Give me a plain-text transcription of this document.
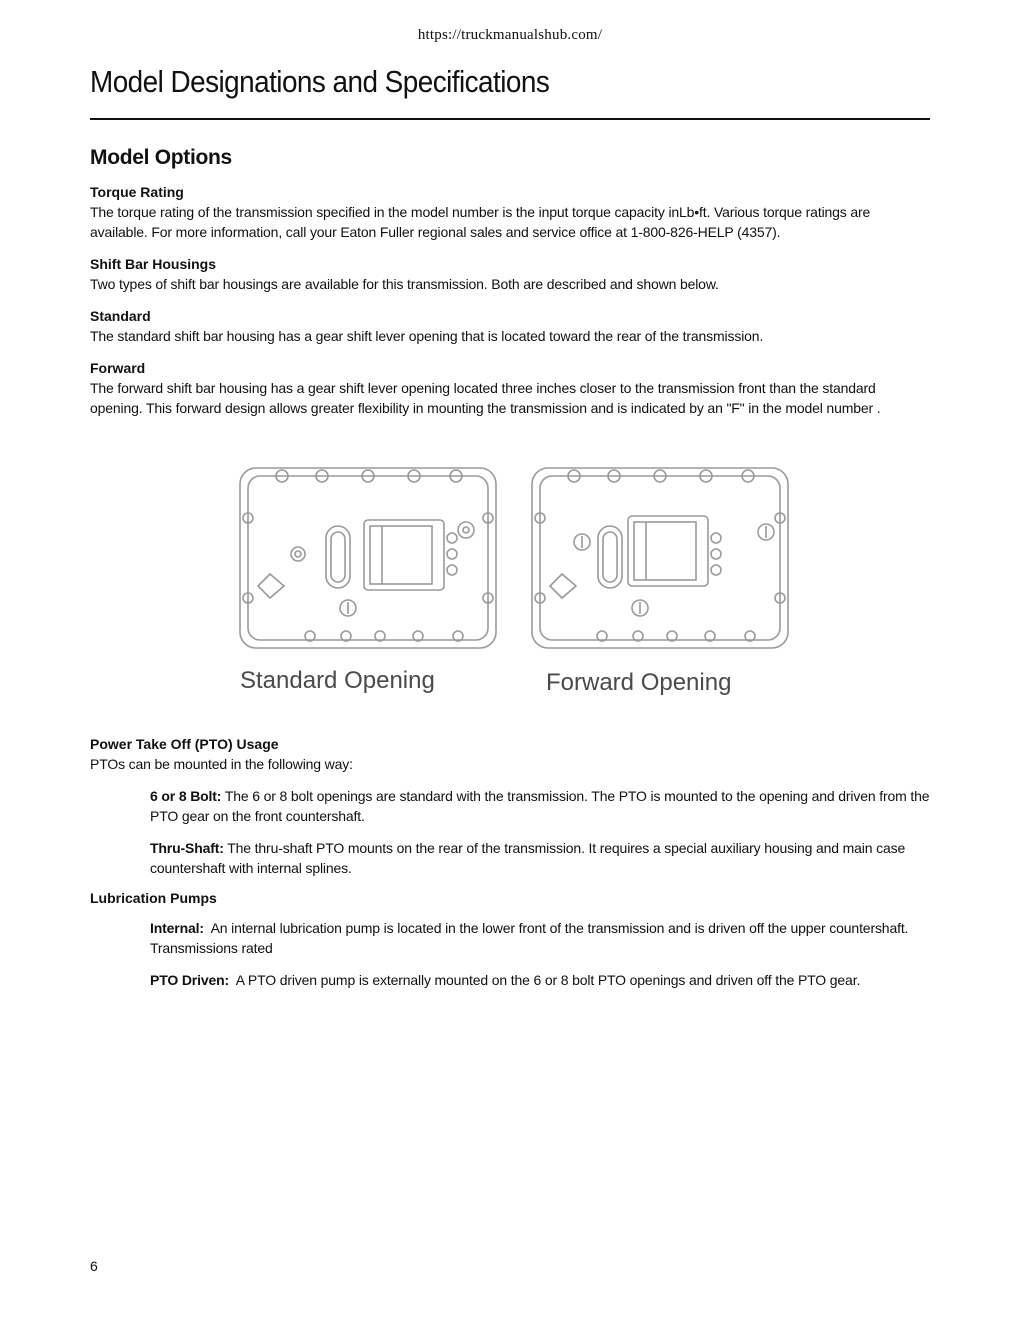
https://truckmanualshub.com/
Model Designations and Specifications
Model Options

Torque Rating

The torque rating of the transmission specified in the model number is the input torque capacity inLb•ft. Various torque ratings are available. For more information, call your Eaton Fuller regional sales and service office at 1-800-826-HELP (4357).

Shift Bar Housings

Two types of shift bar housings are available for this transmission. Both are described and shown below.

Standard

The standard shift bar housing has a gear shift lever opening that is located toward the rear of the transmission.

Forward

The forward shift bar housing has a gear shift lever opening located three inches closer to the transmission front than the standard opening. This forward design allows greater flexibility in mounting the transmission and is indicated by an "F" in the model number .

Standard Opening	Forward Opening

Power Take Off (PTO) Usage

PTOs can be mounted in the following way:

6 or 8 Bolt: The 6 or 8 bolt openings are standard with the transmission. The PTO is mounted to the opening and driven from the PTO gear on the front countershaft.

Thru-Shaft: The thru-shaft PTO mounts on the rear of the transmission. It requires a special auxiliary housing and main case countershaft with internal splines.

Lubrication Pumps

Internal:  An internal lubrication pump is located in the lower front of the transmission and is driven off the upper countershaft. Transmissions rated

PTO Driven:  A PTO driven pump is externally mounted on the 6 or 8 bolt PTO openings and driven off the PTO gear.

6
